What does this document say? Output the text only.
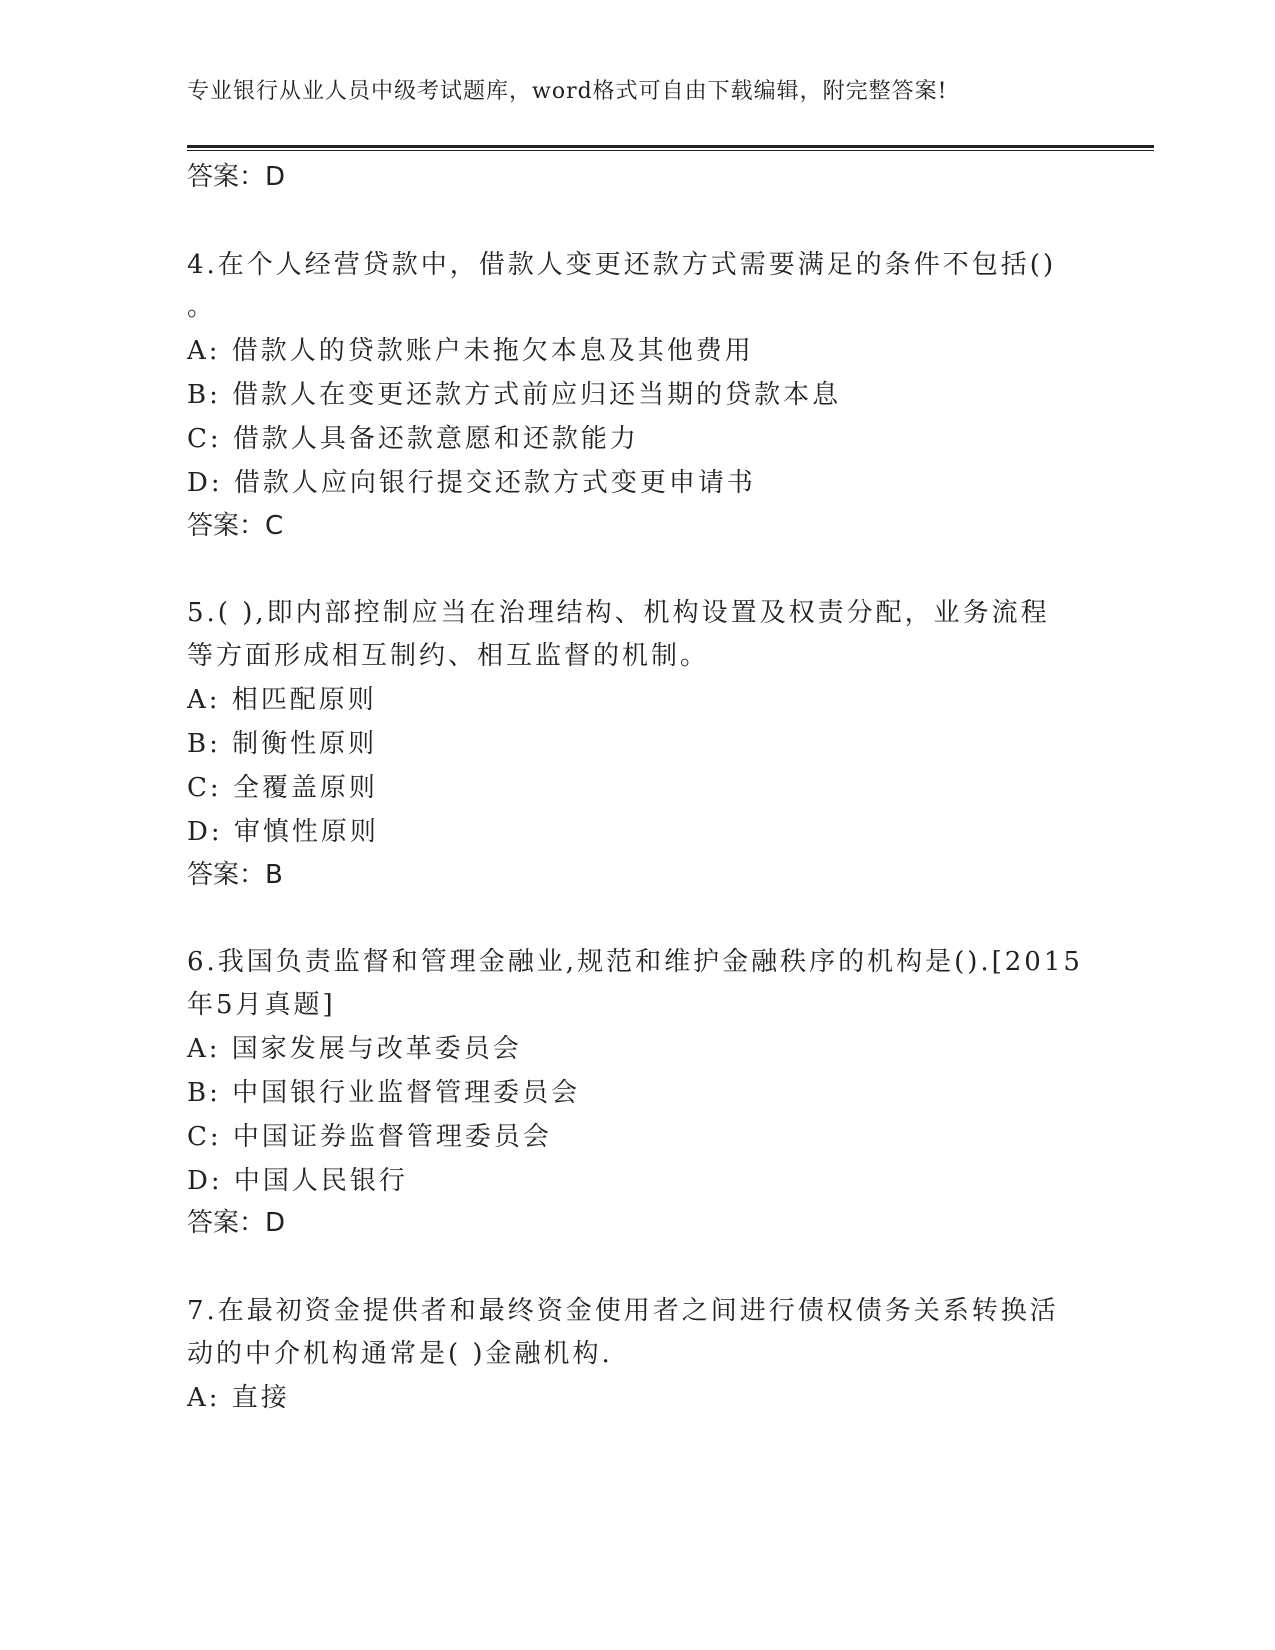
专业银行从业人员中级考试题库，word格式可自由下载编辑，附完整答案!
答案：D
4.在个人经营贷款中，借款人变更还款方式需要满足的条件不包括()
。
A: 借款人的贷款账户未拖欠本息及其他费用
B: 借款人在变更还款方式前应归还当期的贷款本息
C: 借款人具备还款意愿和还款能力
D: 借款人应向银行提交还款方式变更申请书
答案：C
5.( ),即内部控制应当在治理结构、机构设置及权责分配，业务流程
等方面形成相互制约、相互监督的机制。
A: 相匹配原则
B: 制衡性原则
C: 全覆盖原则
D: 审慎性原则
答案：B
6.我国负责监督和管理金融业,规范和维护金融秩序的机构是().[2015
年5月真题]
A: 国家发展与改革委员会
B: 中国银行业监督管理委员会
C: 中国证券监督管理委员会
D: 中国人民银行
答案：D
7.在最初资金提供者和最终资金使用者之间进行债权债务关系转换活
动的中介机构通常是( )金融机构.
A: 直接
